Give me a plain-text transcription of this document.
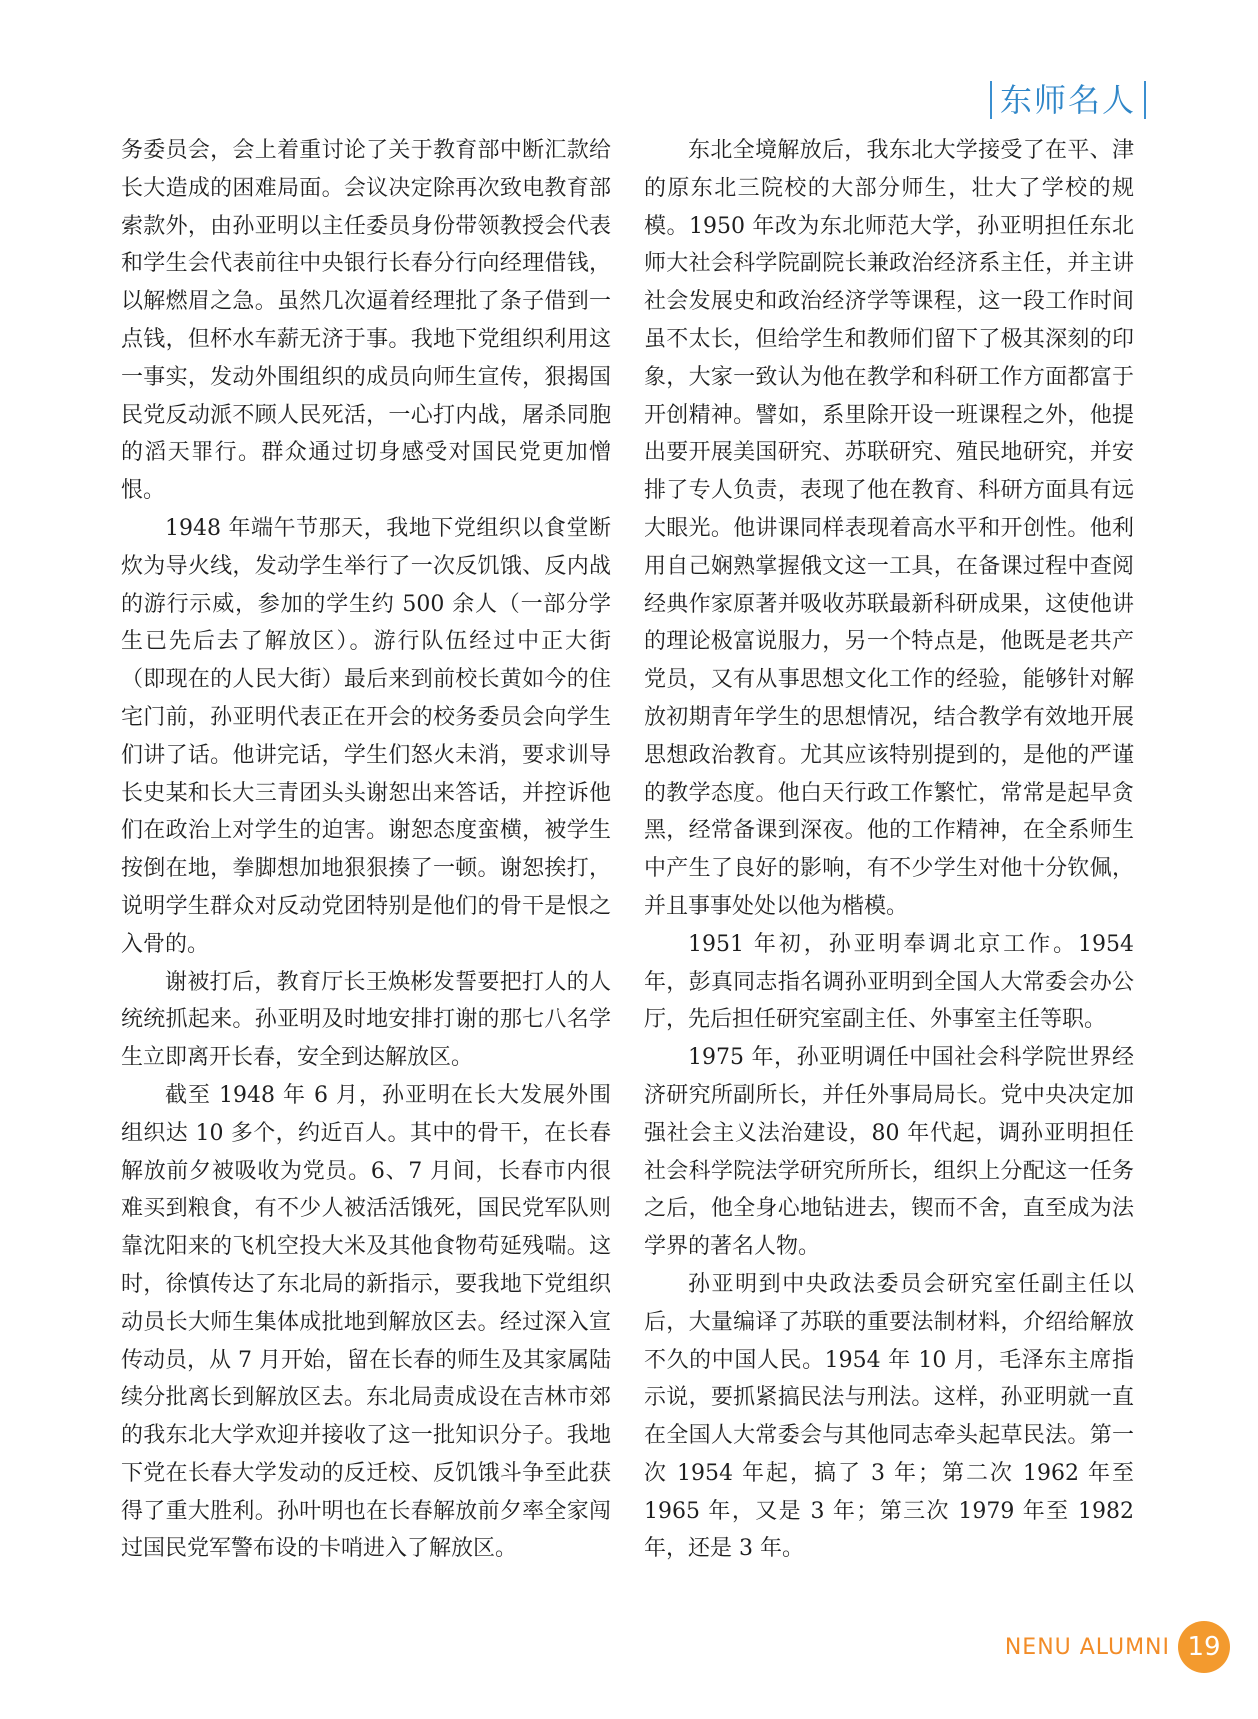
东师名人

务委员会，会上着重讨论了关于教育部中断汇款给长大造成的困难局面。会议决定除再次致电教育部索款外，由孙亚明以主任委员身份带领教授会代表和学生会代表前往中央银行长春分行向经理借钱，以解燃眉之急。虽然几次逼着经理批了条子借到一点钱，但杯水车薪无济于事。我地下党组织利用这一事实，发动外围组织的成员向师生宣传，狠揭国民党反动派不顾人民死活，一心打内战，屠杀同胞的滔天罪行。群众通过切身感受对国民党更加憎恨。

1948 年端午节那天，我地下党组织以食堂断炊为导火线，发动学生举行了一次反饥饿、反内战的游行示威，参加的学生约 500 余人（一部分学生已先后去了解放区）。游行队伍经过中正大街（即现在的人民大街）最后来到前校长黄如今的住宅门前，孙亚明代表正在开会的校务委员会向学生们讲了话。他讲完话，学生们怒火未消，要求训导长史某和长大三青团头头谢恕出来答话，并控诉他们在政治上对学生的迫害。谢恕态度蛮横，被学生按倒在地，拳脚想加地狠狠揍了一顿。谢恕挨打，说明学生群众对反动党团特别是他们的骨干是恨之入骨的。

谢被打后，教育厅长王焕彬发誓要把打人的人统统抓起来。孙亚明及时地安排打谢的那七八名学生立即离开长春，安全到达解放区。

截至 1948 年 6 月，孙亚明在长大发展外围组织达 10 多个，约近百人。其中的骨干，在长春解放前夕被吸收为党员。6、7 月间，长春市内很难买到粮食，有不少人被活活饿死，国民党军队则靠沈阳来的飞机空投大米及其他食物苟延残喘。这时，徐慎传达了东北局的新指示，要我地下党组织动员长大师生集体成批地到解放区去。经过深入宣传动员，从 7 月开始，留在长春的师生及其家属陆续分批离长到解放区去。东北局责成设在吉林市郊的我东北大学欢迎并接收了这一批知识分子。我地下党在长春大学发动的反迁校、反饥饿斗争至此获得了重大胜利。孙叶明也在长春解放前夕率全家闯过国民党军警布设的卡哨进入了解放区。

东北全境解放后，我东北大学接受了在平、津的原东北三院校的大部分师生，壮大了学校的规模。1950 年改为东北师范大学，孙亚明担任东北师大社会科学院副院长兼政治经济系主任，并主讲社会发展史和政治经济学等课程，这一段工作时间虽不太长，但给学生和教师们留下了极其深刻的印象，大家一致认为他在教学和科研工作方面都富于开创精神。譬如，系里除开设一班课程之外，他提出要开展美国研究、苏联研究、殖民地研究，并安排了专人负责，表现了他在教育、科研方面具有远大眼光。他讲课同样表现着高水平和开创性。他利用自己娴熟掌握俄文这一工具，在备课过程中查阅经典作家原著并吸收苏联最新科研成果，这使他讲的理论极富说服力，另一个特点是，他既是老共产党员，又有从事思想文化工作的经验，能够针对解放初期青年学生的思想情况，结合教学有效地开展思想政治教育。尤其应该特别提到的，是他的严谨的教学态度。他白天行政工作繁忙，常常是起早贪黑，经常备课到深夜。他的工作精神，在全系师生中产生了良好的影响，有不少学生对他十分钦佩，并且事事处处以他为楷模。

1951 年初，孙亚明奉调北京工作。1954 年，彭真同志指名调孙亚明到全国人大常委会办公厅，先后担任研究室副主任、外事室主任等职。

1975 年，孙亚明调任中国社会科学院世界经济研究所副所长，并任外事局局长。党中央决定加强社会主义法治建设，80 年代起，调孙亚明担任社会科学院法学研究所所长，组织上分配这一任务之后，他全身心地钻进去，锲而不舍，直至成为法学界的著名人物。

孙亚明到中央政法委员会研究室任副主任以后，大量编译了苏联的重要法制材料，介绍给解放不久的中国人民。1954 年 10 月，毛泽东主席指示说，要抓紧搞民法与刑法。这样，孙亚明就一直在全国人大常委会与其他同志牵头起草民法。第一次 1954 年起，搞了 3 年；第二次 1962 年至 1965 年，又是 3 年；第三次 1979 年至 1982 年，还是 3 年。

NENU ALUMNI 19
